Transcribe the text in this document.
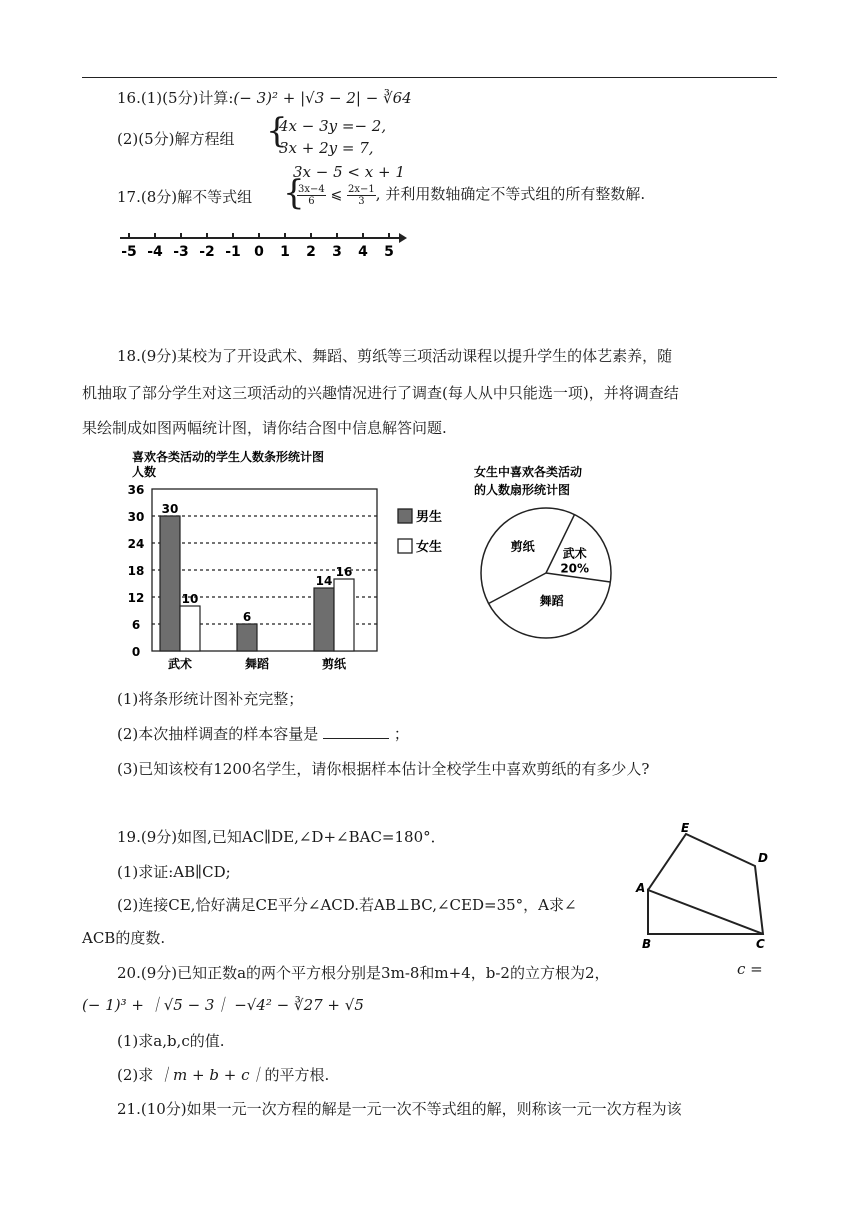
16.(1)(5分)计算:(− 3)² + |√3 − 2| − ∛64
(2)(5分)解方程组 {
4x − 3y =− 2,
3x + 2y = 7,
3x − 5 < x + 1
17.(8分)解不等式组 {
$\frac{3x-4}{6}$ ⩽ $\frac{2x-1}{3}$ , 并利用数轴确定不等式组的所有整数解.
-5 -4 -3 -2 -1 0 1 2 3 4 5
18.(9分)某校为了开设武术、舞蹈、剪纸等三项活动课程以提升学生的体艺素养，随
机抽取了部分学生对这三项活动的兴趣情况进行了调查(每人从中只能选一项)，并将调查结
果绘制成如图两幅统计图，请你结合图中信息解答问题.
喜欢各类活动的学生人数条形统计图
人数
0
6
12
18
24
30
36
30
10
武术
6
舞蹈
14
16
剪纸
男生
女生
女生中喜欢各类活动
的人数扇形统计图
武术
20%
舞蹈
剪纸
(1)将条形统计图补充完整；
(2)本次抽样调查的样本容量是	；
(3)已知该校有1200名学生，请你根据样本估计全校学生中喜欢剪纸的有多少人?
19.(9分)如图,已知AC∥DE,∠D+∠BAC=180°．
(1)求证:AB∥CD;
(2)连接CE,恰好满足CE平分∠ACD.若AB⊥BC,∠CED=35°，A求∠
ACB的度数.
E
D
A
B	C
20.(9分)已知正数a的两个平方根分别是3m-8和m+4，b-2的立方根为2，	c =
(− 1)³ + ｜√5 − 3｜ −√4² − ∛27 + √5
(1)求a,b,c的值.
(2)求 ｜m + b + c｜的平方根.
21.(10分)如果一元一次方程的解是一元一次不等式组的解，则称该一元一次方程为该
